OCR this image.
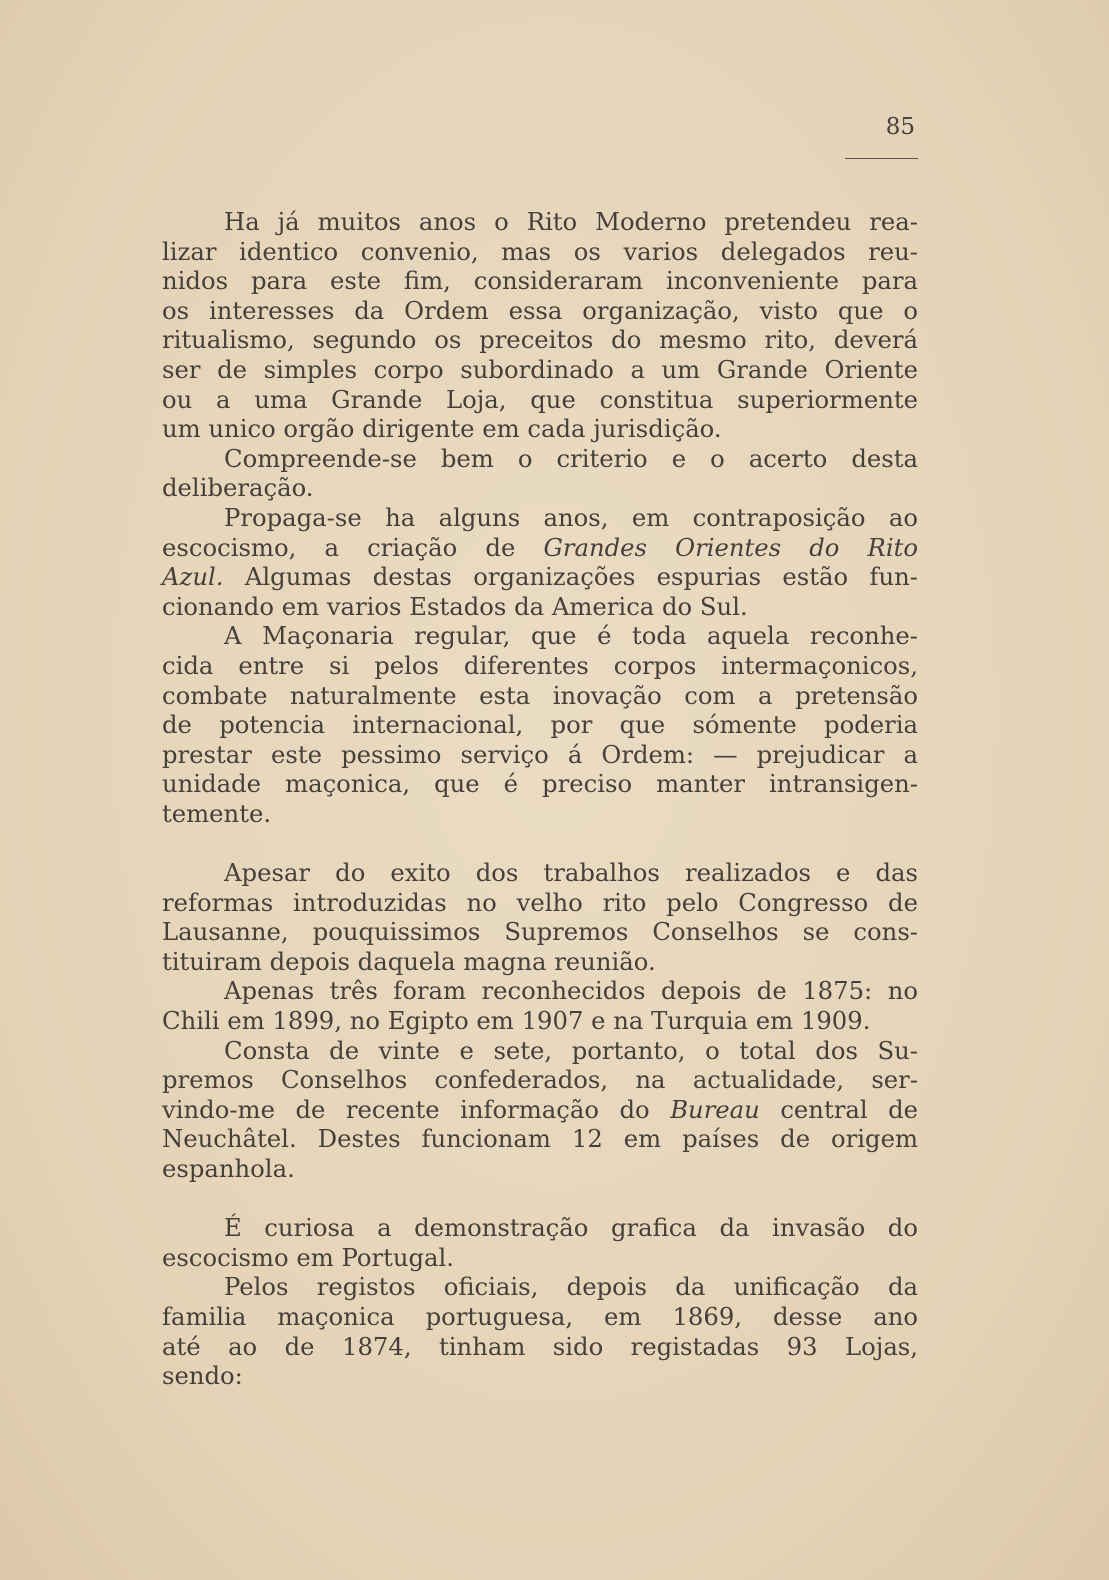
85
Ha já muitos anos o Rito Moderno pretendeu rea-
lizar identico convenio, mas os varios delegados reu-
nidos para este fim, consideraram inconveniente para
os interesses da Ordem essa organização, visto que o
ritualismo, segundo os preceitos do mesmo rito, deverá
ser de simples corpo subordinado a um Grande Oriente
ou a uma Grande Loja, que constitua superiormente
um unico orgão dirigente em cada jurisdição.
Compreende-se bem o criterio e o acerto desta
deliberação.
Propaga-se ha alguns anos, em contraposição ao
escocismo, a criação de Grandes Orientes do Rito
Azul. Algumas destas organizações espurias estão fun-
cionando em varios Estados da America do Sul.
A Maçonaria regular, que é toda aquela reconhe-
cida entre si pelos diferentes corpos intermaçonicos,
combate naturalmente esta inovação com a pretensão
de potencia internacional, por que sómente poderia
prestar este pessimo serviço á Ordem: — prejudicar a
unidade maçonica, que é preciso manter intransigen-
temente.
Apesar do exito dos trabalhos realizados e das
reformas introduzidas no velho rito pelo Congresso de
Lausanne, pouquissimos Supremos Conselhos se cons-
tituiram depois daquela magna reunião.
Apenas três foram reconhecidos depois de 1875: no
Chili em 1899, no Egipto em 1907 e na Turquia em 1909.
Consta de vinte e sete, portanto, o total dos Su-
premos Conselhos confederados, na actualidade, ser-
vindo-me de recente informação do Bureau central de
Neuchâtel. Destes funcionam 12 em países de origem
espanhola.
É curiosa a demonstração grafica da invasão do
escocismo em Portugal.
Pelos registos oficiais, depois da unificação da
familia maçonica portuguesa, em 1869, desse ano
até ao de 1874, tinham sido registadas 93 Lojas,
sendo:
